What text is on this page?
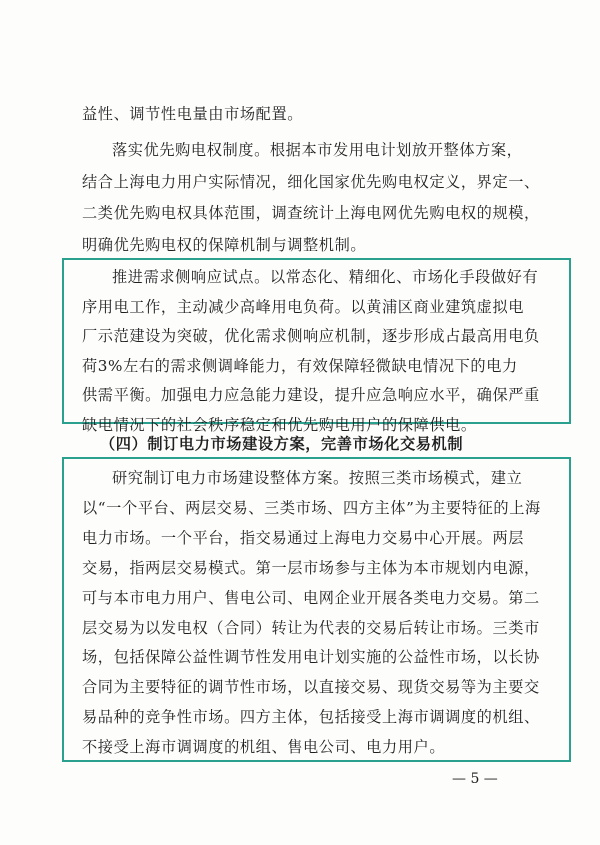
益性、调节性电量由市场配置。
落实优先购电权制度。根据本市发用电计划放开整体方案，
结合上海电力用户实际情况，细化国家优先购电权定义，界定一、
二类优先购电权具体范围，调查统计上海电网优先购电权的规模，
明确优先购电权的保障机制与调整机制。
推进需求侧响应试点。以常态化、精细化、市场化手段做好有
序用电工作，主动减少高峰用电负荷。以黄浦区商业建筑虚拟电
厂示范建设为突破，优化需求侧响应机制，逐步形成占最高用电负
荷3%左右的需求侧调峰能力，有效保障轻微缺电情况下的电力
供需平衡。加强电力应急能力建设，提升应急响应水平，确保严重
缺电情况下的社会秩序稳定和优先购电用户的保障供电。
（四）制订电力市场建设方案，完善市场化交易机制
研究制订电力市场建设整体方案。按照三类市场模式，建立
以“一个平台、两层交易、三类市场、四方主体”为主要特征的上海
电力市场。一个平台，指交易通过上海电力交易中心开展。两层
交易，指两层交易模式。第一层市场参与主体为本市规划内电源，
可与本市电力用户、售电公司、电网企业开展各类电力交易。第二
层交易为以发电权（合同）转让为代表的交易后转让市场。三类市
场，包括保障公益性调节性发用电计划实施的公益性市场，以长协
合同为主要特征的调节性市场，以直接交易、现货交易等为主要交
易品种的竞争性市场。四方主体，包括接受上海市调调度的机组、
不接受上海市调调度的机组、售电公司、电力用户。
— 5 —
